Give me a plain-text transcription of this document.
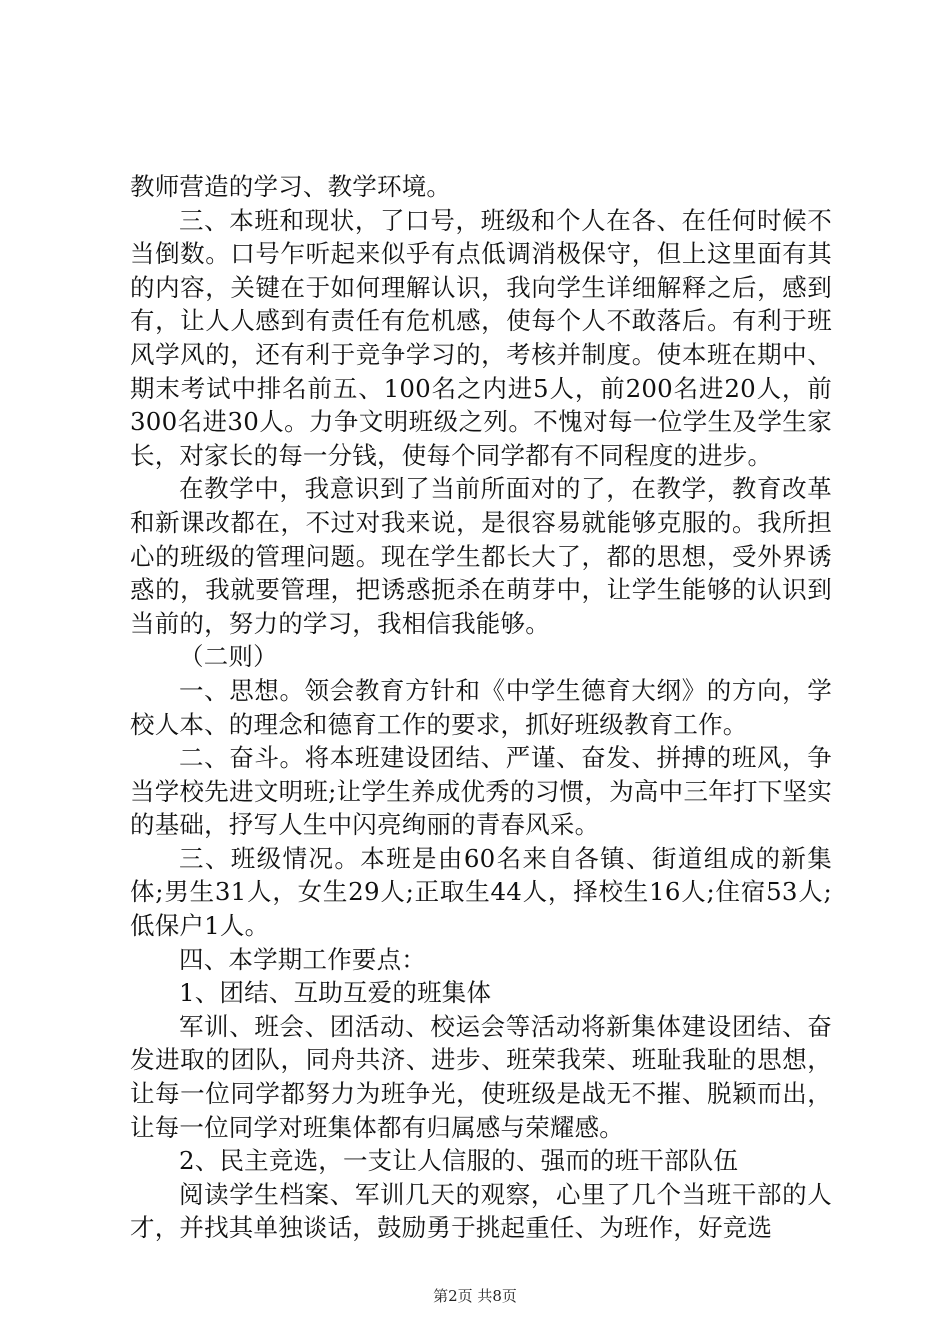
教师营造的学习、教学环境。

三、本班和现状，了口号，班级和个人在各、在任何时候不当倒数。口号乍听起来似乎有点低调消极保守，但上这里面有其的内容，关键在于如何理解认识，我向学生详细解释之后，感到有，让人人感到有责任有危机感，使每个人不敢落后。有利于班风学风的，还有利于竞争学习的，考核并制度。使本班在期中、期末考试中排名前五、100名之内进5人，前200名进20人，前300名进30人。力争文明班级之列。不愧对每一位学生及学生家长，对家长的每一分钱，使每个同学都有不同程度的进步。

在教学中，我意识到了当前所面对的了，在教学，教育改革和新课改都在，不过对我来说，是很容易就能够克服的。我所担心的班级的管理问题。现在学生都长大了，都的思想，受外界诱惑的，我就要管理，把诱惑扼杀在萌芽中，让学生能够的认识到当前的，努力的学习，我相信我能够。

（二则）

一、思想。领会教育方针和《中学生德育大纲》的方向，学校人本、的理念和德育工作的要求，抓好班级教育工作。

二、奋斗。将本班建设团结、严谨、奋发、拼搏的班风，争当学校先进文明班;让学生养成优秀的习惯，为高中三年打下坚实的基础，抒写人生中闪亮绚丽的青春风采。

三、班级情况。本班是由60名来自各镇、街道组成的新集体;男生31人，女生29人;正取生44人，择校生16人;住宿53人;低保户1人。

四、本学期工作要点：

1、团结、互助互爱的班集体

军训、班会、团活动、校运会等活动将新集体建设团结、奋发进取的团队，同舟共济、进步、班荣我荣、班耻我耻的思想，让每一位同学都努力为班争光，使班级是战无不摧、脱颖而出，让每一位同学对班集体都有归属感与荣耀感。

2、民主竞选，一支让人信服的、强而的班干部队伍

阅读学生档案、军训几天的观察，心里了几个当班干部的人才，并找其单独谈话，鼓励勇于挑起重任、为班作，好竞选

第2页 共8页
